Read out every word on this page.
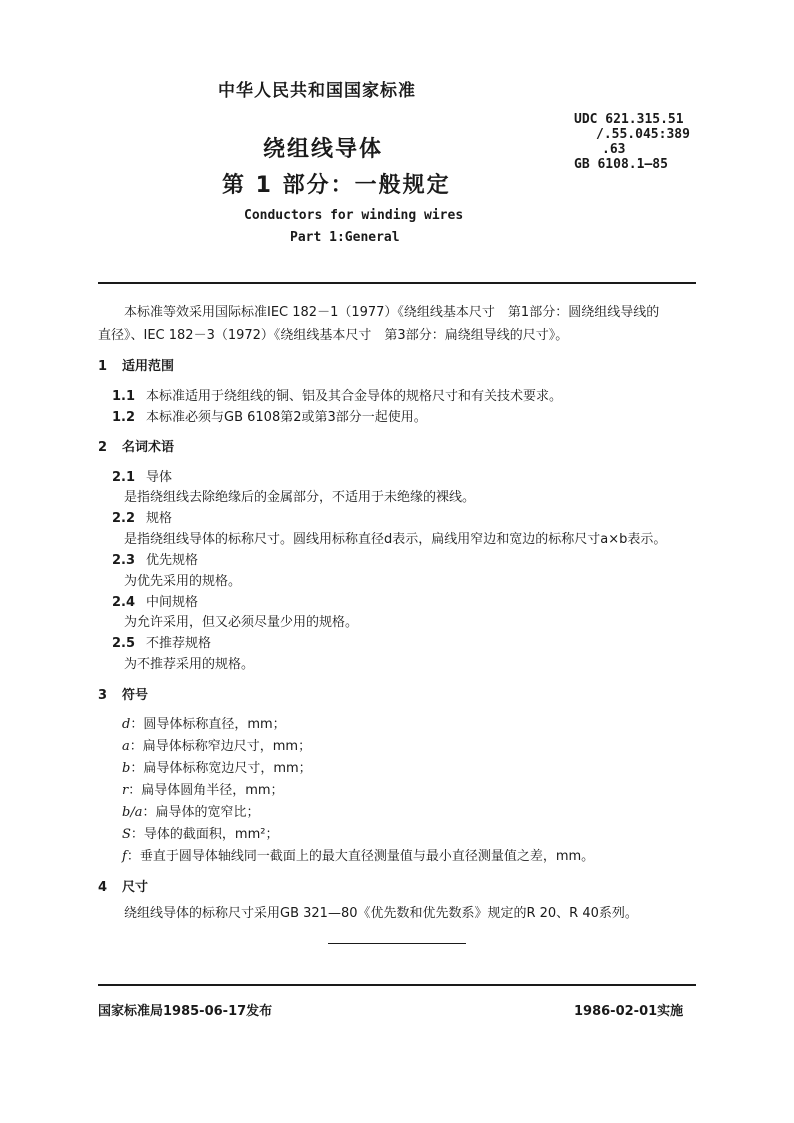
中华人民共和国国家标准
UDC 621.315.51
/.55.045:389
.63
GB 6108.1—85
绕组线导体
第 1 部分：一般规定
Conductors for winding wires
Part 1:General
本标准等效采用国际标准IEC 182－1（1977）《绕组线基本尺寸　第1部分：圆绕组线导线的
直径》、IEC 182－3（1972）《绕组线基本尺寸　第3部分：扁绕组导线的尺寸》。
1 适用范围
1.1 本标准适用于绕组线的铜、铝及其合金导体的规格尺寸和有关技术要求。
1.2 本标准必须与GB 6108第2或第3部分一起使用。
2 名词术语
2.1 导体
是指绕组线去除绝缘后的金属部分，不适用于未绝缘的裸线。
2.2 规格
是指绕组线导体的标称尺寸。圆线用标称直径d表示，扁线用窄边和宽边的标称尺寸a×b表示。
2.3 优先规格
为优先采用的规格。
2.4 中间规格
为允许采用，但又必须尽量少用的规格。
2.5 不推荐规格
为不推荐采用的规格。
3 符号
d：圆导体标称直径，mm；
a：扁导体标称窄边尺寸，mm；
b：扁导体标称宽边尺寸，mm；
r：扁导体圆角半径，mm；
b/a：扁导体的宽窄比；
S：导体的截面积，mm²；
f：垂直于圆导体轴线同一截面上的最大直径测量值与最小直径测量值之差，mm。
4 尺寸
绕组线导体的标称尺寸采用GB 321—80《优先数和优先数系》规定的R 20、R 40系列。
国家标准局1985-06-17发布	1986-02-01实施
